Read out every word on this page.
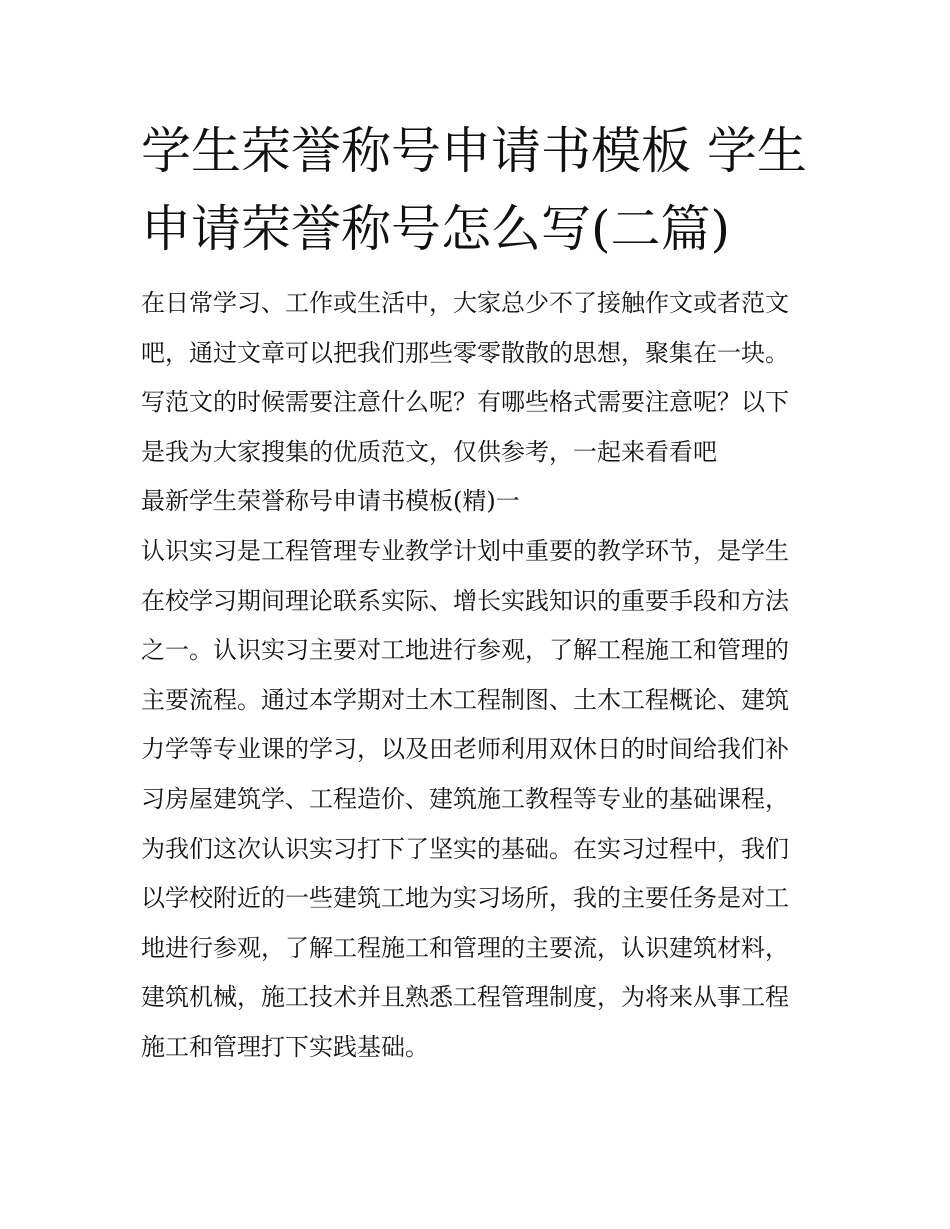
学生荣誉称号申请书模板 学生
申请荣誉称号怎么写(二篇)

在日常学习、工作或生活中，大家总少不了接触作文或者范文

吧，通过文章可以把我们那些零零散散的思想，聚集在一块。

写范文的时候需要注意什么呢？有哪些格式需要注意呢？以下

是我为大家搜集的优质范文，仅供参考，一起来看看吧

最新学生荣誉称号申请书模板(精)一

认识实习是工程管理专业教学计划中重要的教学环节，是学生

在校学习期间理论联系实际、增长实践知识的重要手段和方法

之一。认识实习主要对工地进行参观，了解工程施工和管理的

主要流程。通过本学期对土木工程制图、土木工程概论、建筑

力学等专业课的学习，以及田老师利用双休日的时间给我们补

习房屋建筑学、工程造价、建筑施工教程等专业的基础课程，

为我们这次认识实习打下了坚实的基础。在实习过程中，我们

以学校附近的一些建筑工地为实习场所，我的主要任务是对工

地进行参观，了解工程施工和管理的主要流，认识建筑材料，

建筑机械，施工技术并且熟悉工程管理制度，为将来从事工程

施工和管理打下实践基础。
